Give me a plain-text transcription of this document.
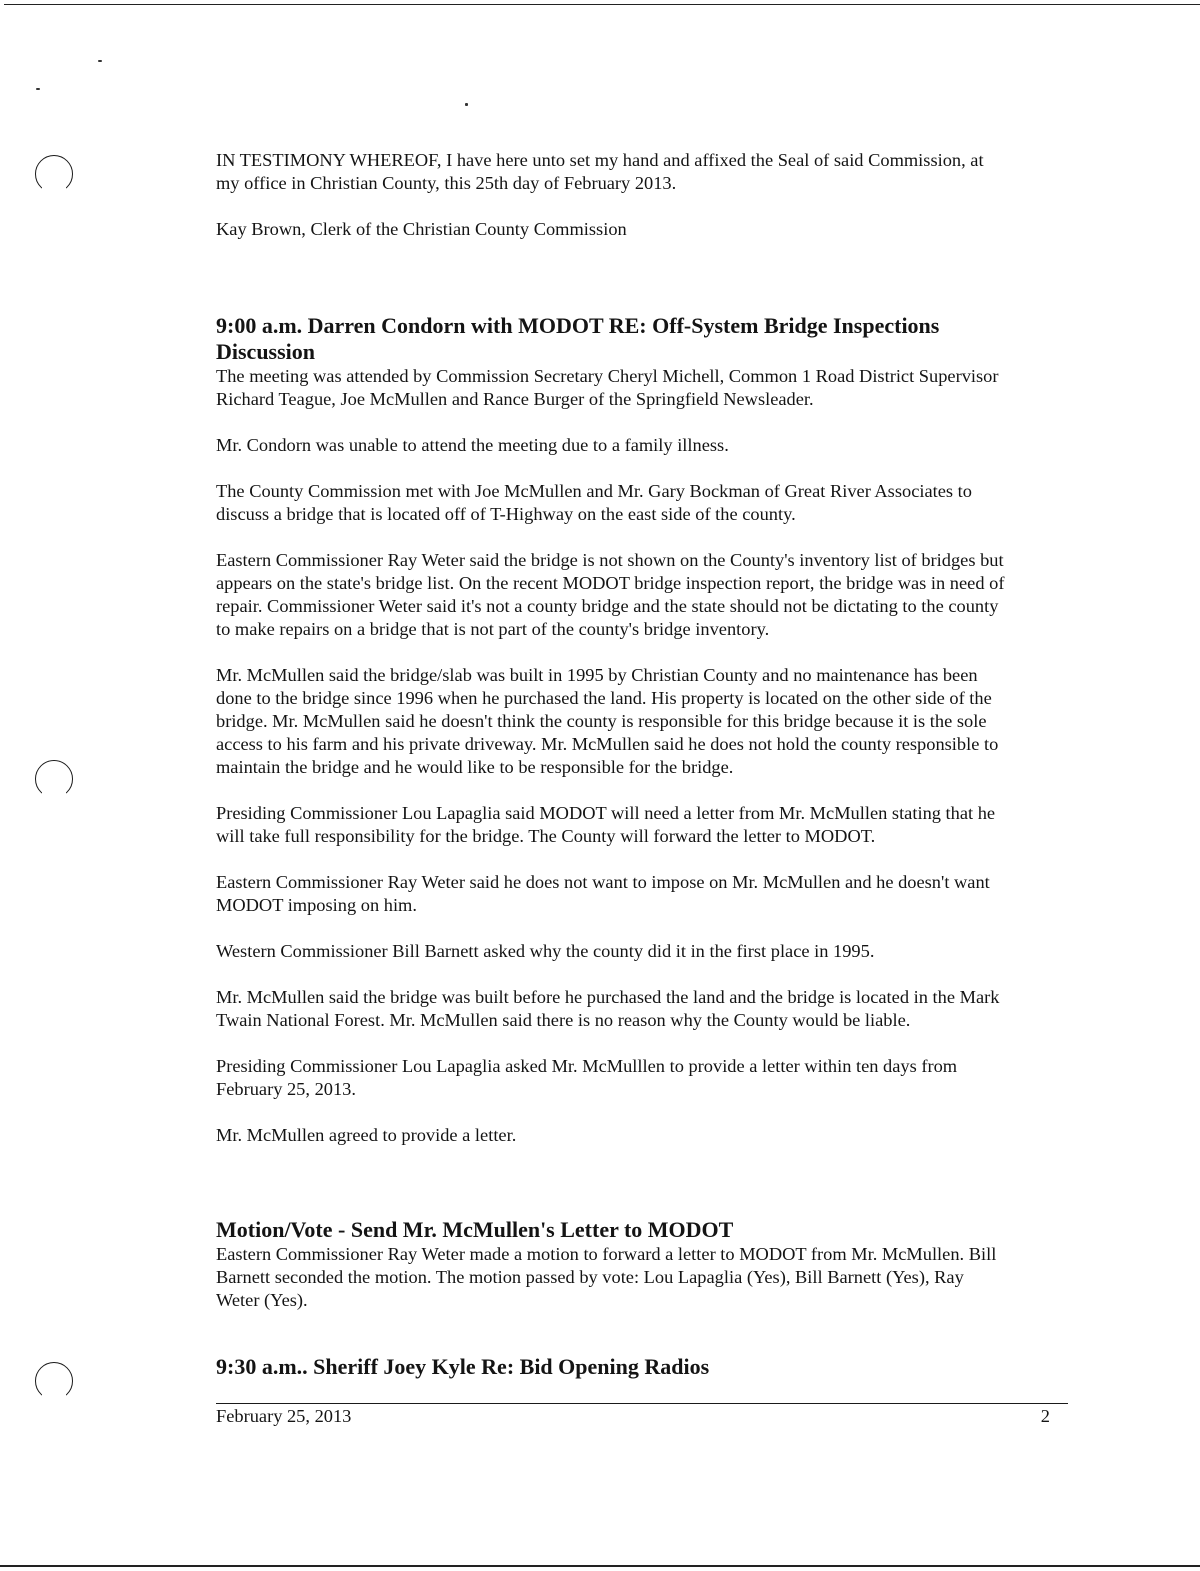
IN TESTIMONY WHEREOF, I have here unto set my hand and affixed the Seal of said Commission, at

my office in Christian County, this 25th day of February 2013.

Kay Brown, Clerk of the Christian County Commission

9:00 a.m. Darren Condorn with MODOT RE: Off-System Bridge Inspections
Discussion

The meeting was attended by Commission Secretary Cheryl Michell, Common 1 Road District Supervisor

Richard Teague, Joe McMullen and Rance Burger of the Springfield Newsleader.

Mr. Condorn was unable to attend the meeting due to a family illness.

The County Commission met with Joe McMullen and Mr. Gary Bockman of Great River Associates to

discuss a bridge that is located off of T-Highway on the east side of the county.

Eastern Commissioner Ray Weter said the bridge is not shown on the County's inventory list of bridges but

appears on the state's bridge list. On the recent MODOT bridge inspection report, the bridge was in need of

repair. Commissioner Weter said it's not a county bridge and the state should not be dictating to the county

to make repairs on a bridge that is not part of the county's bridge inventory.

Mr. McMullen said the bridge/slab was built in 1995 by Christian County and no maintenance has been

done to the bridge since 1996 when he purchased the land. His property is located on the other side of the

bridge. Mr. McMullen said he doesn't think the county is responsible for this bridge because it is the sole

access to his farm and his private driveway. Mr. McMullen said he does not hold the county responsible to

maintain the bridge and he would like to be responsible for the bridge.

Presiding Commissioner Lou Lapaglia said MODOT will need a letter from Mr. McMullen stating that he

will take full responsibility for the bridge. The County will forward the letter to MODOT.

Eastern Commissioner Ray Weter said he does not want to impose on Mr. McMullen and he doesn't want

MODOT imposing on him.

Western Commissioner Bill Barnett asked why the county did it in the first place in 1995.

Mr. McMullen said the bridge was built before he purchased the land and the bridge is located in the Mark

Twain National Forest. Mr. McMullen said there is no reason why the County would be liable.

Presiding Commissioner Lou Lapaglia asked Mr. McMulllen to provide a letter within ten days from

February 25, 2013.

Mr. McMullen agreed to provide a letter.

Motion/Vote - Send Mr. McMullen's Letter to MODOT

Eastern Commissioner Ray Weter made a motion to forward a letter to MODOT from Mr. McMullen. Bill

Barnett seconded the motion. The motion passed by vote: Lou Lapaglia (Yes), Bill Barnett (Yes), Ray

Weter (Yes).

9:30 a.m.. Sheriff Joey Kyle Re: Bid Opening Radios
February 25, 2013	2
